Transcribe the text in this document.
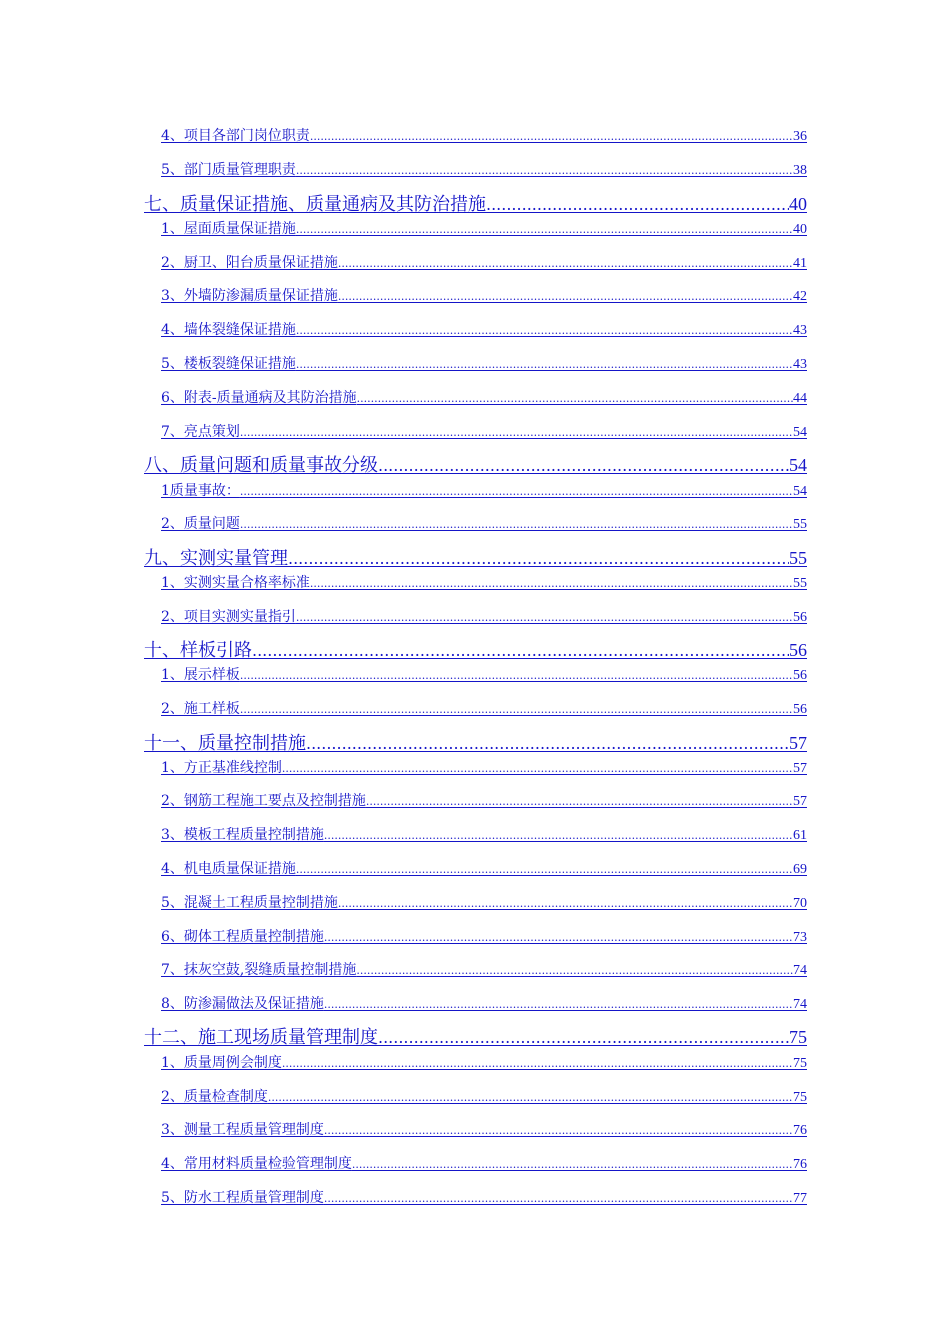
4、项目各部门岗位职责 .....	36
5、部门质量管理职责 .....	38
七、质量保证措施、质量通病及其防治措施 .....	40
1、屋面质量保证措施 .....	40
2、厨卫、阳台质量保证措施 .....	41
3、外墙防渗漏质量保证措施 .....	42
4、墙体裂缝保证措施 .....	43
5、楼板裂缝保证措施 .....	43
6、附表-质量通病及其防治措施 .....	44
7、亮点策划 .....	54
八、质量问题和质量事故分级 .....	54
1质量事故： .....	54
2、质量问题 .....	55
九、实测实量管理 .....	55
1、实测实量合格率标准 .....	55
2、项目实测实量指引 .....	56
十、样板引路 .....	56
1、展示样板 .....	56
2、施工样板 .....	56
十一、质量控制措施 .....	57
1、方正基准线控制 .....	57
2、钢筋工程施工要点及控制措施 .....	57
3、模板工程质量控制措施 .....	61
4、机电质量保证措施 .....	69
5、混凝土工程质量控制措施 .....	70
6、砌体工程质量控制措施 .....	73
7、抹灰空鼓,裂缝质量控制措施 .....	74
8、防渗漏做法及保证措施 .....	74
十二、施工现场质量管理制度 .....	75
1、质量周例会制度 .....	75
2、质量检查制度 .....	75
3、测量工程质量管理制度 .....	76
4、常用材料质量检验管理制度 .....	76
5、防水工程质量管理制度 .....	77
